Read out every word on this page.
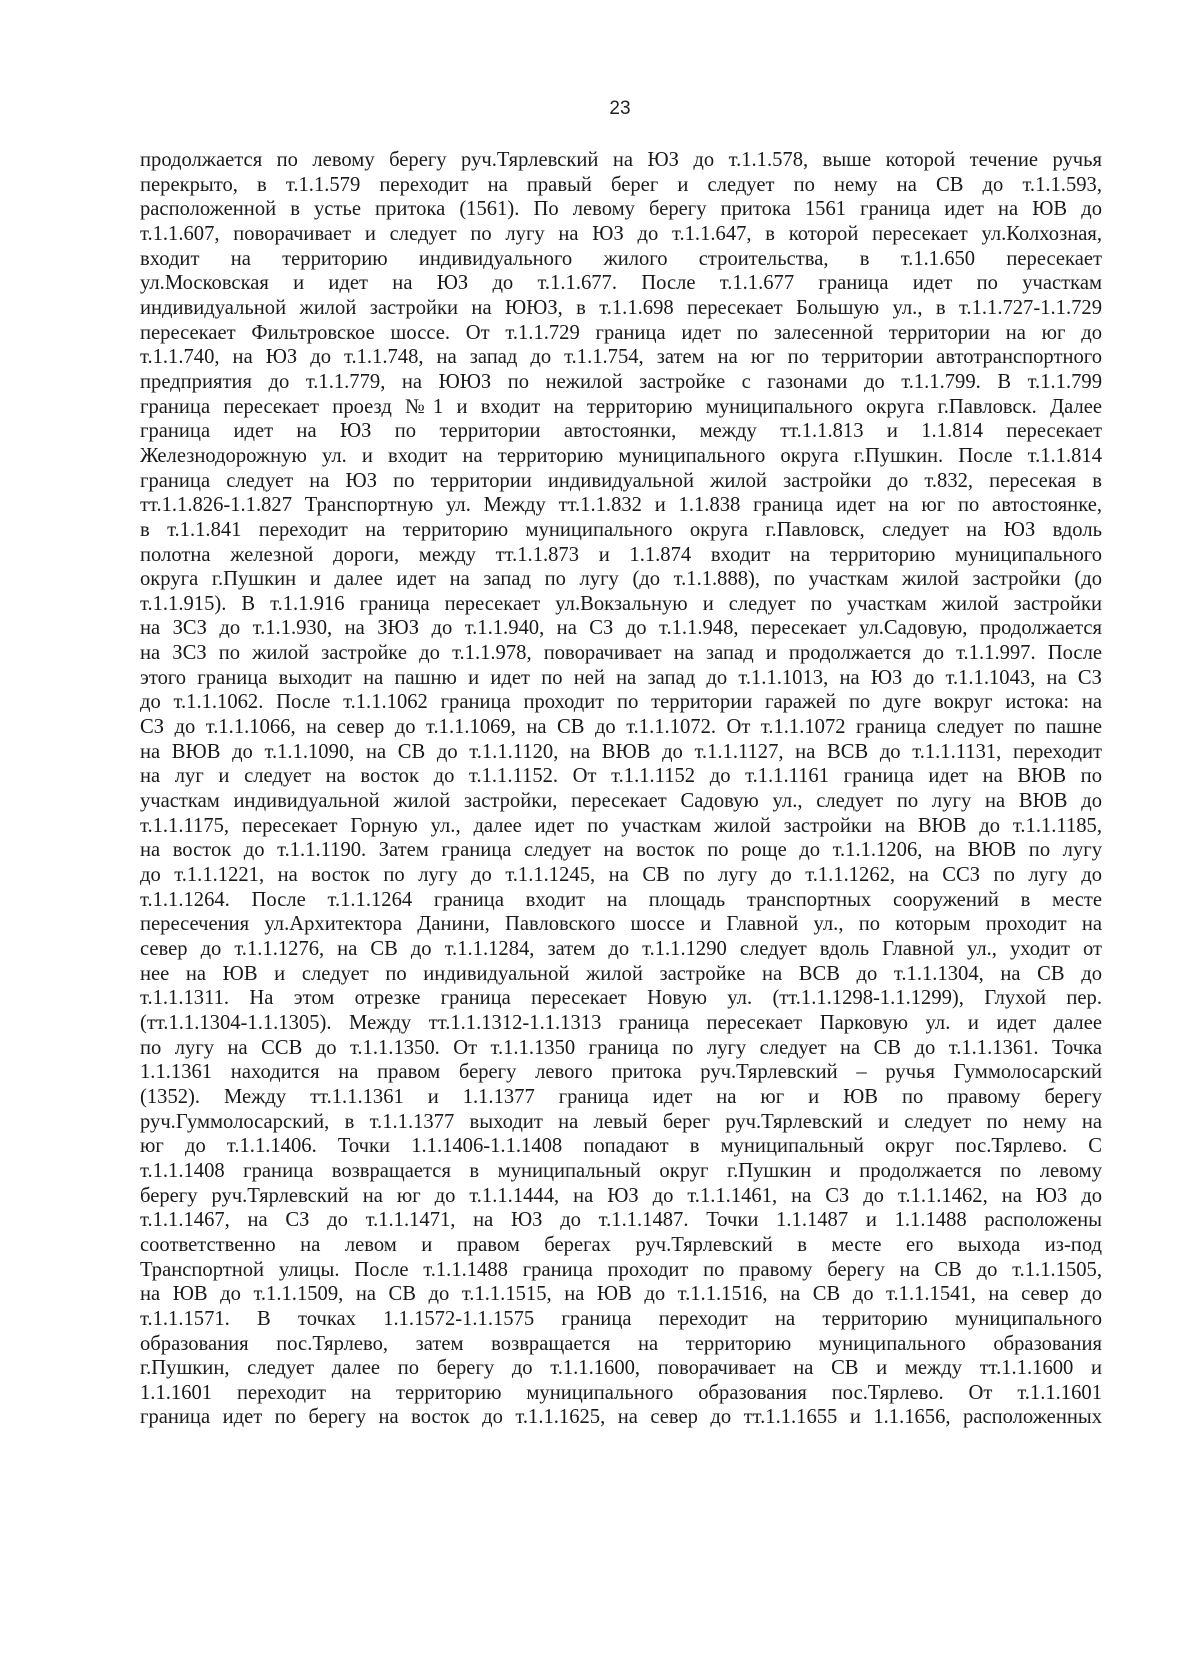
23
продолжается по левому берегу руч.Тярлевский на ЮЗ до т.1.1.578, выше которой течение ручья
перекрыто, в т.1.1.579 переходит на правый берег и следует по нему на СВ до т.1.1.593,
расположенной в устье притока (1561). По левому берегу притока 1561 граница идет на ЮВ до
т.1.1.607, поворачивает и следует по лугу на ЮЗ до т.1.1.647, в которой пересекает ул.Колхозная,
входит на территорию индивидуального жилого строительства, в т.1.1.650 пересекает
ул.Московская и идет на ЮЗ до т.1.1.677. После т.1.1.677 граница идет по участкам
индивидуальной жилой застройки на ЮЮЗ, в т.1.1.698 пересекает Большую ул., в т.1.1.727-1.1.729
пересекает Фильтровское шоссе. От т.1.1.729 граница идет по залесенной территории на юг до
т.1.1.740, на ЮЗ до т.1.1.748, на запад до т.1.1.754, затем на юг по территории автотранспортного
предприятия до т.1.1.779, на ЮЮЗ по нежилой застройке с газонами до т.1.1.799. В т.1.1.799
граница пересекает проезд №1 и входит на территорию муниципального округа г.Павловск. Далее
граница идет на ЮЗ по территории автостоянки, между тт.1.1.813 и 1.1.814 пересекает
Железнодорожную ул. и входит на территорию муниципального округа г.Пушкин. После т.1.1.814
граница следует на ЮЗ по территории индивидуальной жилой застройки до т.832, пересекая в
тт.1.1.826-1.1.827 Транспортную ул. Между тт.1.1.832 и 1.1.838 граница идет на юг по автостоянке,
в т.1.1.841 переходит на территорию муниципального округа г.Павловск, следует на ЮЗ вдоль
полотна железной дороги, между тт.1.1.873 и 1.1.874 входит на территорию муниципального
округа г.Пушкин и далее идет на запад по лугу (до т.1.1.888), по участкам жилой застройки (до
т.1.1.915). В т.1.1.916 граница пересекает ул.Вокзальную и следует по участкам жилой застройки
на ЗСЗ до т.1.1.930, на ЗЮЗ до т.1.1.940, на СЗ до т.1.1.948, пересекает ул.Садовую, продолжается
на ЗСЗ по жилой застройке до т.1.1.978, поворачивает на запад и продолжается до т.1.1.997. После
этого граница выходит на пашню и идет по ней на запад до т.1.1.1013, на ЮЗ до т.1.1.1043, на СЗ
до т.1.1.1062. После т.1.1.1062 граница проходит по территории гаражей по дуге вокруг истока: на
СЗ до т.1.1.1066, на север до т.1.1.1069, на СВ до т.1.1.1072. От т.1.1.1072 граница следует по пашне
на ВЮВ до т.1.1.1090, на СВ до т.1.1.1120, на ВЮВ до т.1.1.1127, на ВСВ до т.1.1.1131, переходит
на луг и следует на восток до т.1.1.1152. От т.1.1.1152 до т.1.1.1161 граница идет на ВЮВ по
участкам индивидуальной жилой застройки, пересекает Садовую ул., следует по лугу на ВЮВ до
т.1.1.1175, пересекает Горную ул., далее идет по участкам жилой застройки на ВЮВ до т.1.1.1185,
на восток до т.1.1.1190. Затем граница следует на восток по роще до т.1.1.1206, на ВЮВ по лугу
до т.1.1.1221, на восток по лугу до т.1.1.1245, на СВ по лугу до т.1.1.1262, на ССЗ по лугу до
т.1.1.1264. После т.1.1.1264 граница входит на площадь транспортных сооружений в месте
пересечения ул.Архитектора Данини, Павловского шоссе и Главной ул., по которым проходит на
север до т.1.1.1276, на СВ до т.1.1.1284, затем до т.1.1.1290 следует вдоль Главной ул., уходит от
нее на ЮВ и следует по индивидуальной жилой застройке на ВСВ до т.1.1.1304, на СВ до
т.1.1.1311. На этом отрезке граница пересекает Новую ул. (тт.1.1.1298-1.1.1299), Глухой пер.
(тт.1.1.1304-1.1.1305). Между тт.1.1.1312-1.1.1313 граница пересекает Парковую ул. и идет далее
по лугу на ССВ до т.1.1.1350. От т.1.1.1350 граница по лугу следует на СВ до т.1.1.1361. Точка
1.1.1361 находится на правом берегу левого притока руч.Тярлевский – ручья Гуммолосарский
(1352). Между тт.1.1.1361 и 1.1.1377 граница идет на юг и ЮВ по правому берегу
руч.Гуммолосарский, в т.1.1.1377 выходит на левый берег руч.Тярлевский и следует по нему на
юг до т.1.1.1406. Точки 1.1.1406-1.1.1408 попадают в муниципальный округ пос.Тярлево. С
т.1.1.1408 граница возвращается в муниципальный округ г.Пушкин и продолжается по левому
берегу руч.Тярлевский на юг до т.1.1.1444, на ЮЗ до т.1.1.1461, на СЗ до т.1.1.1462, на ЮЗ до
т.1.1.1467, на СЗ до т.1.1.1471, на ЮЗ до т.1.1.1487. Точки 1.1.1487 и 1.1.1488 расположены
соответственно на левом и правом берегах руч.Тярлевский в месте его выхода из-под
Транспортной улицы. После т.1.1.1488 граница проходит по правому берегу на СВ до т.1.1.1505,
на ЮВ до т.1.1.1509, на СВ до т.1.1.1515, на ЮВ до т.1.1.1516, на СВ до т.1.1.1541, на север до
т.1.1.1571. В точках 1.1.1572-1.1.1575 граница переходит на территорию муниципального
образования пос.Тярлево, затем возвращается на территорию муниципального образования
г.Пушкин, следует далее по берегу до т.1.1.1600, поворачивает на СВ и между тт.1.1.1600 и
1.1.1601 переходит на территорию муниципального образования пос.Тярлево. От т.1.1.1601
граница идет по берегу на восток до т.1.1.1625, на север до тт.1.1.1655 и 1.1.1656, расположенных
